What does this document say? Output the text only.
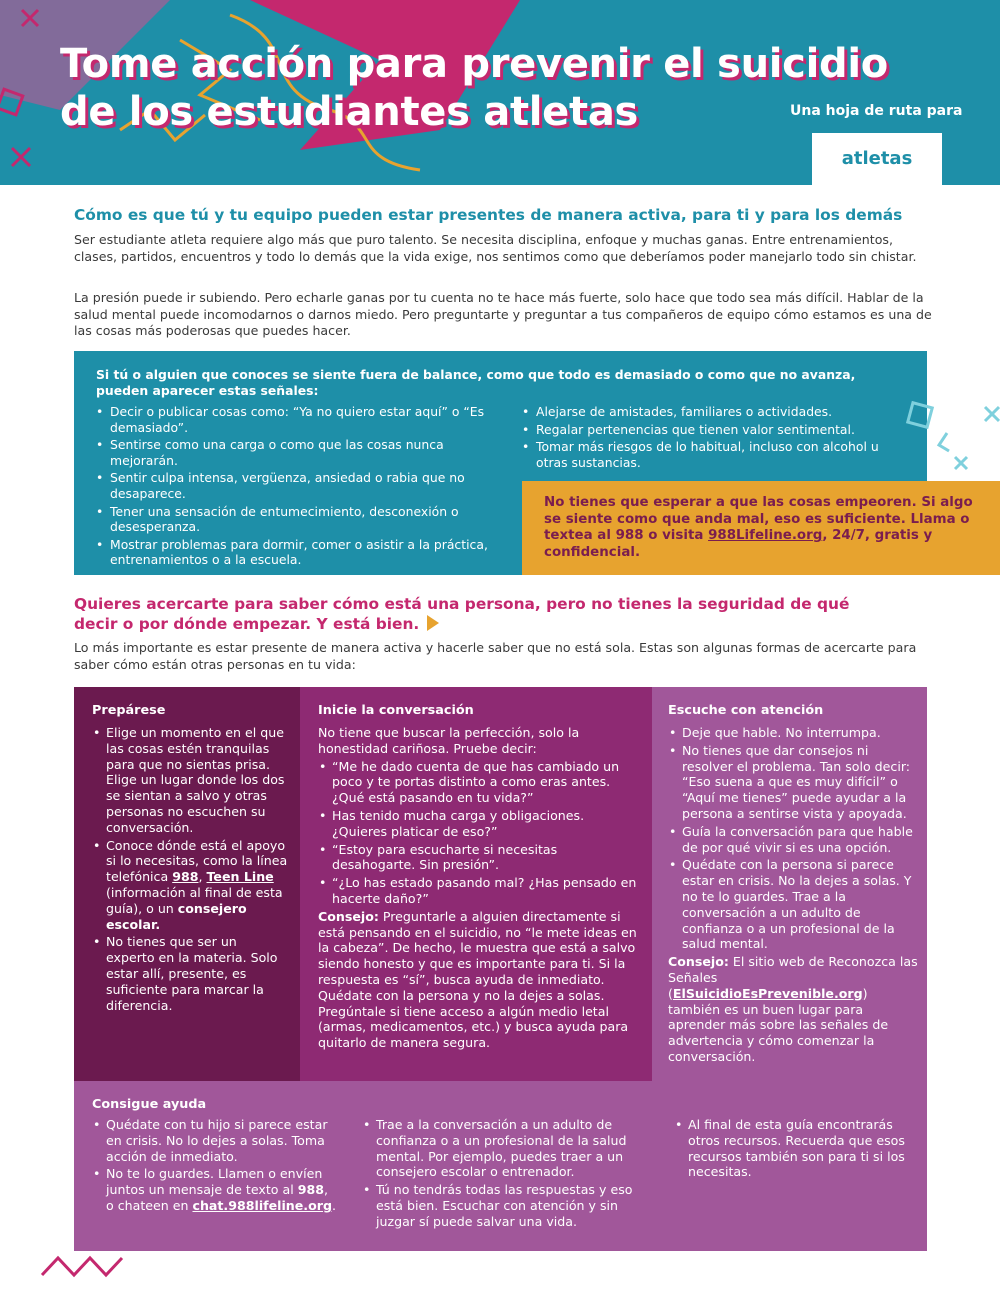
Tome acción para prevenir el suicidio
de los estudiantes atletas	Una hoja de ruta para
atletas
Cómo es que tú y tu equipo pueden estar presentes de manera activa, para ti y para los demás
Ser estudiante atleta requiere algo más que puro talento. Se necesita disciplina, enfoque y muchas ganas. Entre entrenamientos, clases, partidos, encuentros y todo lo demás que la vida exige, nos sentimos como que deberíamos poder manejarlo todo sin chistar.
La presión puede ir subiendo. Pero echarle ganas por tu cuenta no te hace más fuerte, solo hace que todo sea más difícil. Hablar de la salud mental puede incomodarnos o darnos miedo. Pero preguntarte y preguntar a tus compañeros de equipo cómo estamos es una de las cosas más poderosas que puedes hacer.
Si tú o alguien que conoces se siente fuera de balance, como que todo es demasiado o como que no avanza, pueden aparecer estas señales:
• Decir o publicar cosas como: “Ya no quiero estar aquí” o “Es demasiado”.
• Sentirse como una carga o como que las cosas nunca mejorarán.
• Sentir culpa intensa, vergüenza, ansiedad o rabia que no desaparece.
• Tener una sensación de entumecimiento, desconexión o desesperanza.
• Mostrar problemas para dormir, comer o asistir a la práctica, entrenamientos o a la escuela.
• Alejarse de amistades, familiares o actividades.
• Regalar pertenencias que tienen valor sentimental.
• Tomar más riesgos de lo habitual, incluso con alcohol u otras sustancias.
No tienes que esperar a que las cosas empeoren. Si algo se siente como que anda mal, eso es suficiente. Llama o textea al 988 o visita 988Lifeline.org, 24/7, gratis y confidencial.
Quieres acercarte para saber cómo está una persona, pero no tienes la seguridad de qué decir o por dónde empezar. Y está bien.
Lo más importante es estar presente de manera activa y hacerle saber que no está sola. Estas son algunas formas de acercarte para saber cómo están otras personas en tu vida:
Prepárese
• Elige un momento en el que las cosas estén tranquilas para que no sientas prisa. Elige un lugar donde los dos se sientan a salvo y otras personas no escuchen su conversación.
• Conoce dónde está el apoyo si lo necesitas, como la línea telefónica 988, Teen Line (información al final de esta guía), o un consejero escolar.
• No tienes que ser un experto en la materia. Solo estar allí, presente, es suficiente para marcar la diferencia.
Inicie la conversación

No tiene que buscar la perfección, solo la honestidad cariñosa. Pruebe decir:

• “Me he dado cuenta de que has cambiado un poco y te portas distinto a como eras antes. ¿Qué está pasando en tu vida?”
• Has tenido mucha carga y obligaciones. ¿Quieres platicar de eso?”
• “Estoy para escucharte si necesitas desahogarte. Sin presión”.
• “¿Lo has estado pasando mal? ¿Has pensado en hacerte daño?”

Consejo: Preguntarle a alguien directamente si está pensando en el suicidio, no “le mete ideas en la cabeza”. De hecho, le muestra que está a salvo siendo honesto y que es importante para ti. Si la respuesta es “sí”, busca ayuda de inmediato. Quédate con la persona y no la dejes a solas. Pregúntale si tiene acceso a algún medio letal (armas, medicamentos, etc.) y busca ayuda para quitarlo de manera segura.

Escuche con atención
• Deje que hable. No interrumpa.
• No tienes que dar consejos ni resolver el problema. Tan solo decir: “Eso suena a que es muy difícil” o “Aquí me tienes” puede ayudar a la persona a sentirse vista y apoyada.
• Guía la conversación para que hable de por qué vivir si es una opción.
• Quédate con la persona si parece estar en crisis. No la dejes a solas. Y no te lo guardes. Trae a la conversación a un adulto de confianza o a un profesional de la salud mental.

Consejo: El sitio web de Reconozca las Señales (ElSuicidioEsPrevenible.org) también es un buen lugar para aprender más sobre las señales de advertencia y cómo comenzar la conversación.

Consigue ayuda
• Quédate con tu hijo si parece estar en crisis. No lo dejes a solas. Toma acción de inmediato.
• No te lo guardes. Llamen o envíen juntos un mensaje de texto al 988, o chateen en chat.988lifeline.org.
• Trae a la conversación a un adulto de confianza o a un profesional de la salud mental. Por ejemplo, puedes traer a un consejero escolar o entrenador.
• Tú no tendrás todas las respuestas y eso está bien. Escuchar con atención y sin juzgar sí puede salvar una vida.
• Al final de esta guía encontrarás otros recursos. Recuerda que esos recursos también son para ti si los necesitas.
